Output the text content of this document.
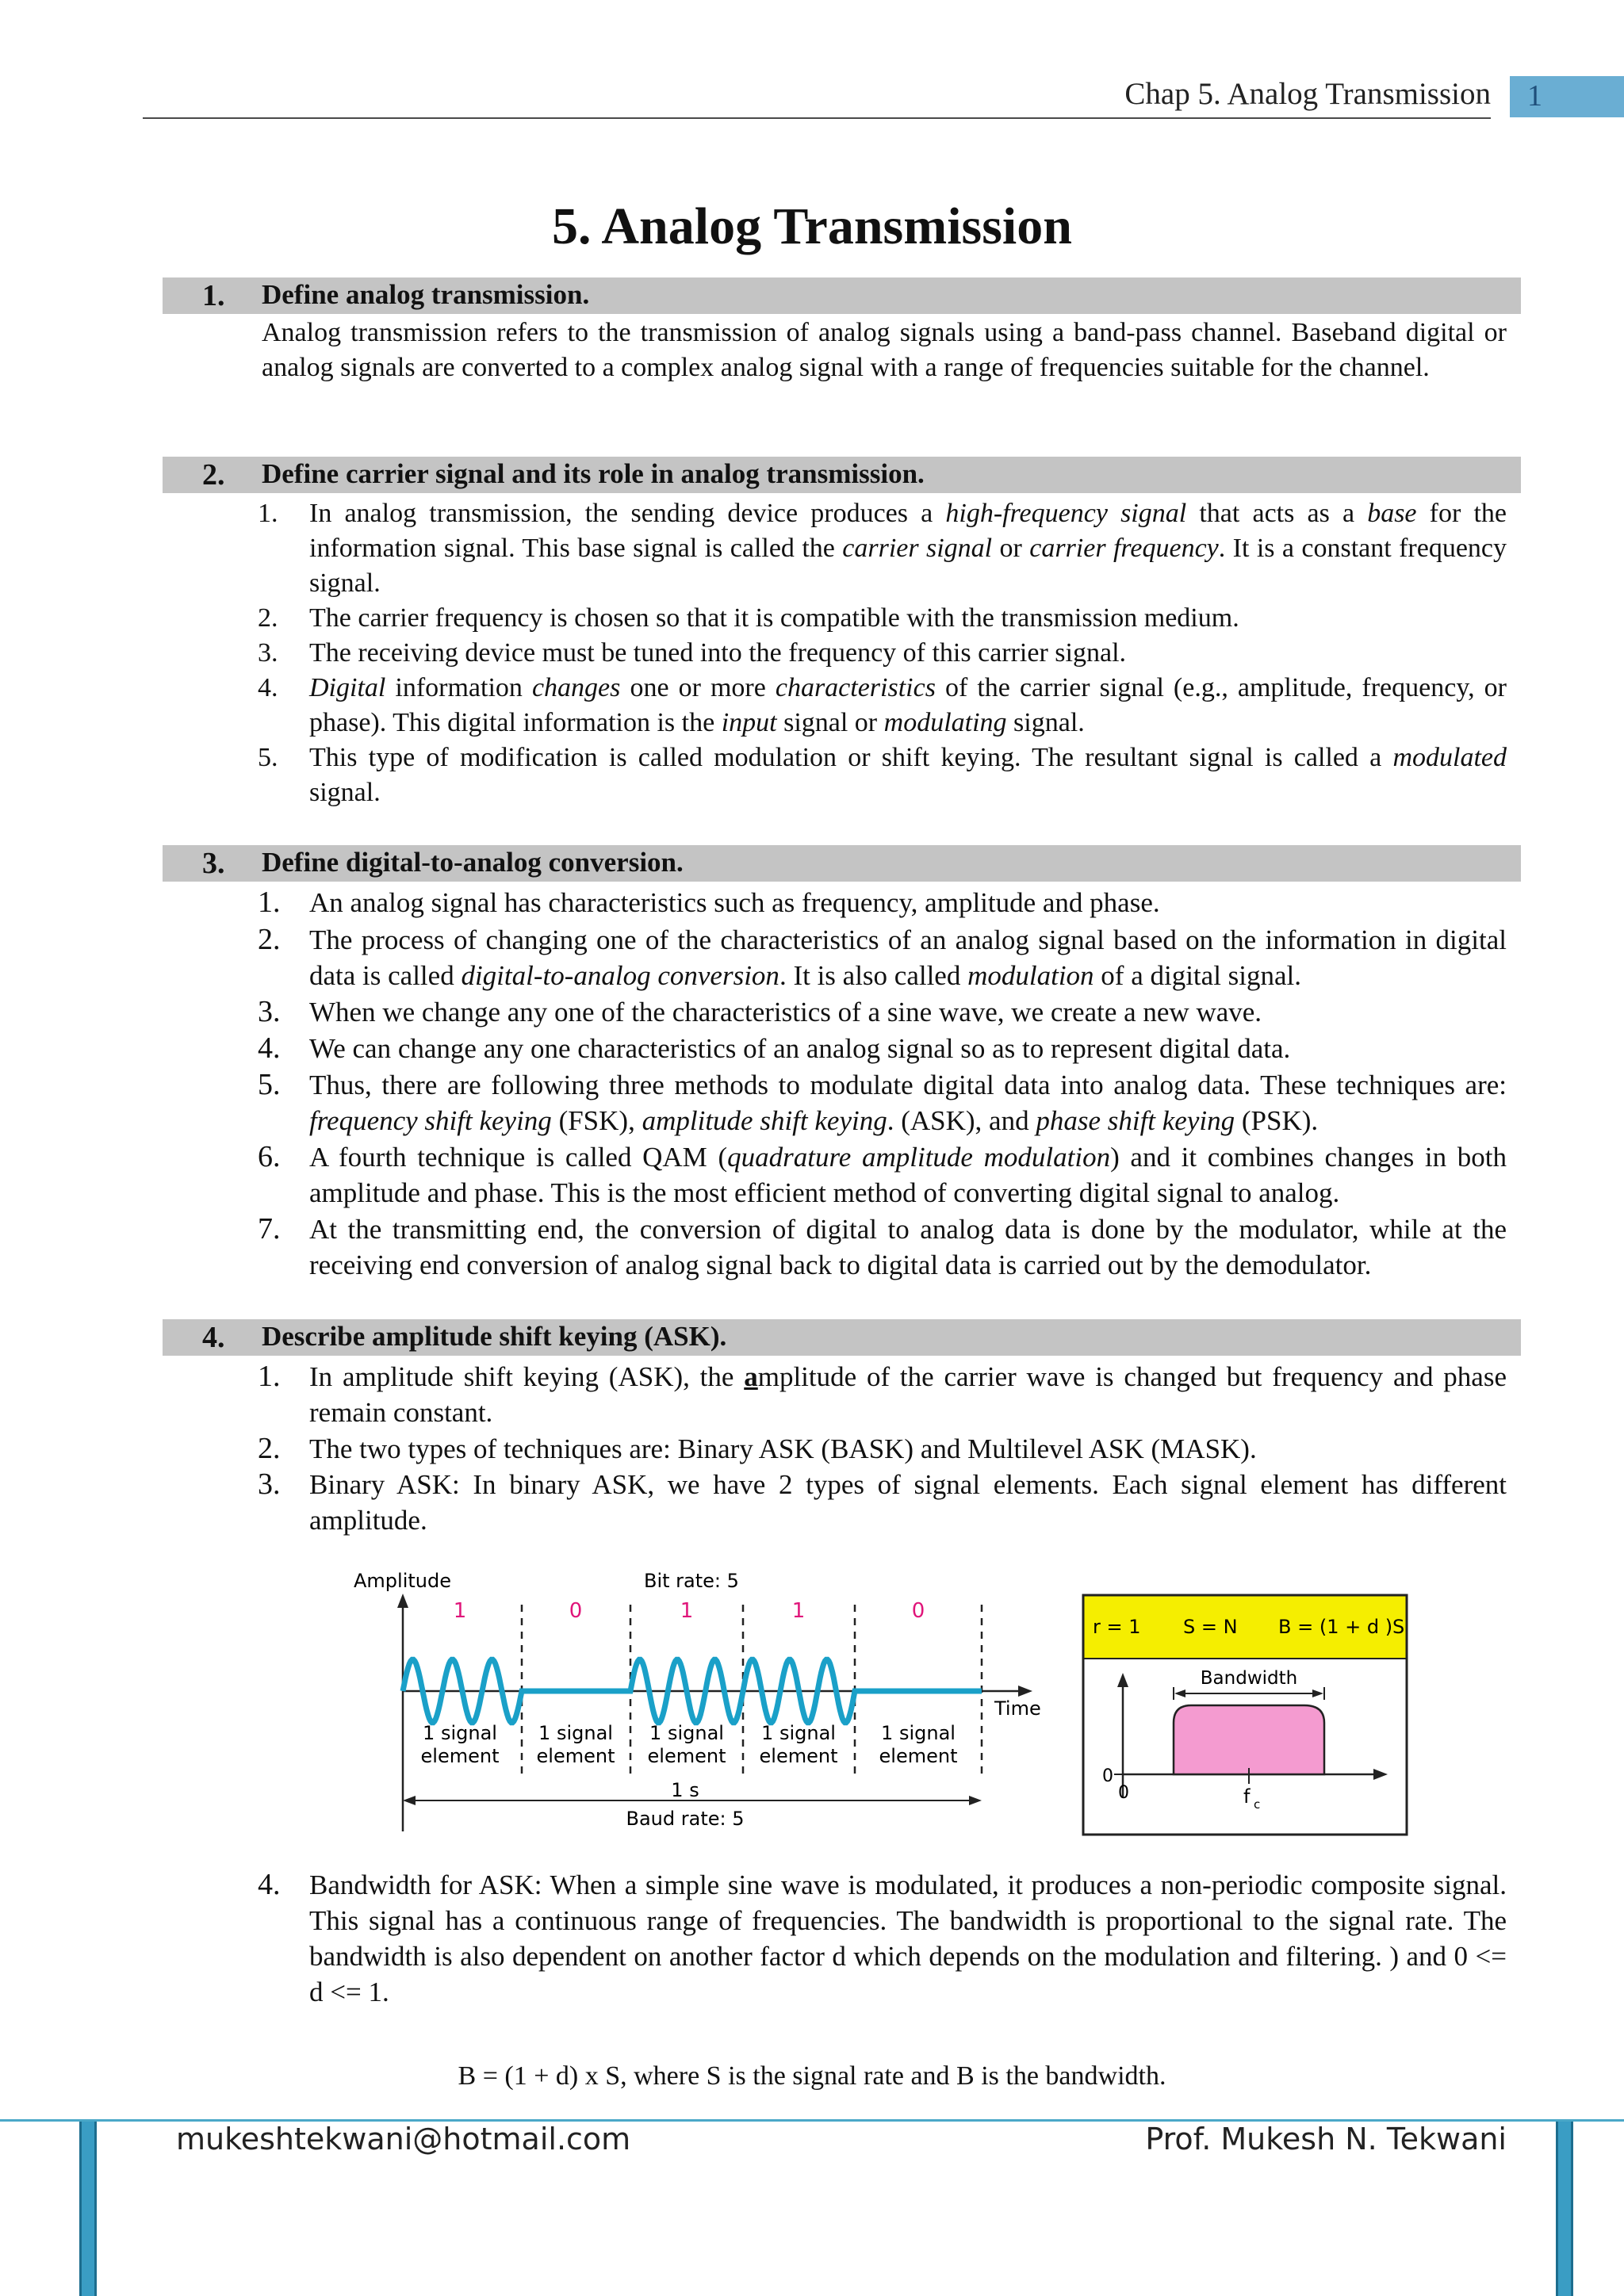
Chap 5. Analog Transmission	1
5. Analog Transmission
1. Define analog transmission.
Analog transmission refers to the transmission of analog signals using a band-pass channel. Baseband digital or analog signals are converted to a complex analog signal with a range of frequencies suitable for the channel.
2. Define carrier signal and its role in analog transmission.
1.	In analog transmission, the sending device produces a high-frequency signal that acts as a base for the information signal. This base signal is called the carrier signal or carrier frequency. It is a constant frequency signal.
2.	The carrier frequency is chosen so that it is compatible with the transmission medium.
3.	The receiving device must be tuned into the frequency of this carrier signal.
4.	Digital information changes one or more characteristics of the carrier signal (e.g., amplitude, frequency, or phase). This digital information is the input signal or modulating signal.
5.	This type of modification is called modulation or shift keying. The resultant signal is called a modulated signal.
3. Define digital-to-analog conversion.
1. An analog signal has characteristics such as frequency, amplitude and phase.
2. The process of changing one of the characteristics of an analog signal based on the information in digital data is called digital-to-analog conversion. It is also called modulation of a digital signal.
3. When we change any one of the characteristics of a sine wave, we create a new wave.
4. We can change any one characteristics of an analog signal so as to represent digital data.
5. Thus, there are following three methods to modulate digital data into analog data. These techniques are: frequency shift keying (FSK), amplitude shift keying. (ASK), and phase shift keying (PSK).
6. A fourth technique is called QAM (quadrature amplitude modulation) and it combines changes in both amplitude and phase. This is the most efficient method of converting digital signal to analog.
7. At the transmitting end, the conversion of digital to analog data is done by the modulator, while at the receiving end conversion of analog signal back to digital data is carried out by the demodulator.
4. Describe amplitude shift keying (ASK).
1. In amplitude shift keying (ASK), the amplitude of the carrier wave is changed but frequency and phase remain constant.
2. The two types of techniques are: Binary ASK (BASK) and Multilevel ASK (MASK).
3. Binary ASK: In binary ASK, we have 2 types of signal elements. Each signal element has different amplitude.
Amplitude	Bit rate: 5
Time
1	0	1	1	0
1 signal
element
1 signal
element
1 signal
element
1 signal
element
1 signal
element
1 s
Baud rate: 5
r = 1 S = N B = (1 + d )S
0
0	f c
Bandwidth
4. Bandwidth for ASK: When a simple sine wave is modulated, it produces a non-periodic composite signal. This signal has a continuous range of frequencies. The bandwidth is proportional to the signal rate. The bandwidth is also dependent on another factor d which depends on the modulation and filtering. ) and 0 <= d <= 1.
B = (1 + d) x S, where S is the signal rate and B is the bandwidth.
mukeshtekwani@hotmail.com	Prof. Mukesh N. Tekwani
